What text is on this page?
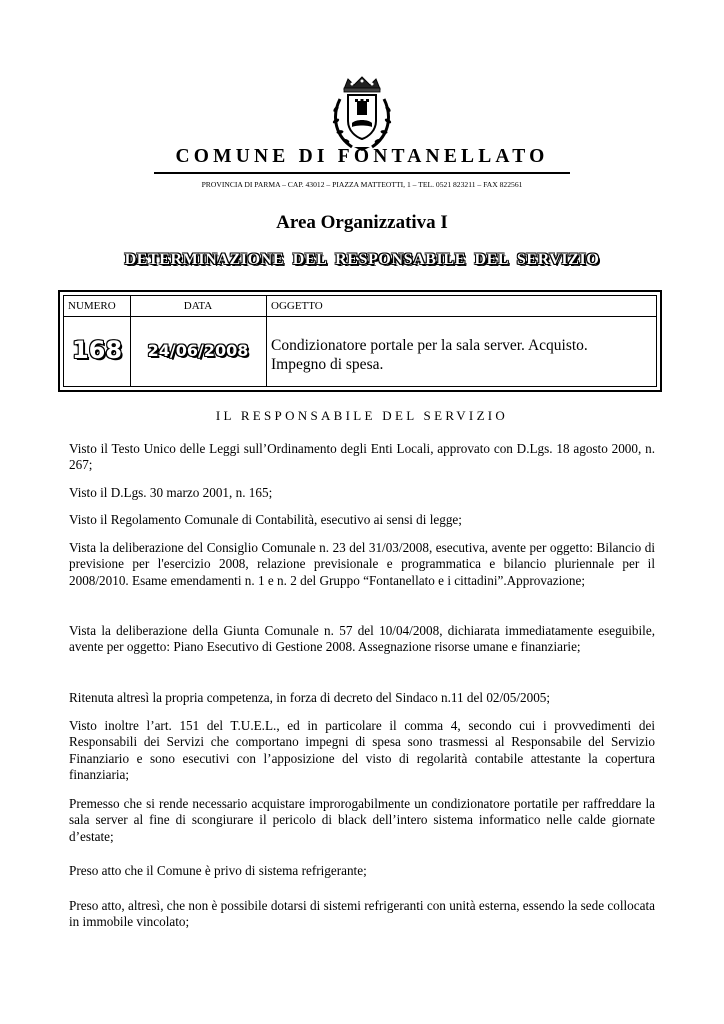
COMUNE DI FONTANELLATO
PROVINCIA DI PARMA – CAP. 43012 – PIAZZA MATTEOTTI, 1 – TEL. 0521 823211 – FAX 822561
Area Organizzativa I
DETERMINAZIONE DEL RESPONSABILE DEL SERVIZIO
NUMERO	DATA	OGGETTO
168	24/06/2008	Condizionatore portale per la sala server. Acquisto. Impegno di spesa.
IL RESPONSABILE DEL SERVIZIO
Visto il Testo Unico delle Leggi sull’Ordinamento degli Enti Locali, approvato con D.Lgs. 18 agosto 2000, n. 267;
Visto il D.Lgs. 30 marzo 2001, n. 165;
Visto il Regolamento Comunale di Contabilità, esecutivo ai sensi di legge;
Vista la deliberazione del Consiglio Comunale n. 23 del 31/03/2008, esecutiva, avente per oggetto: Bilancio di previsione per l'esercizio 2008, relazione previsionale e programmatica e bilancio pluriennale per il 2008/2010. Esame emendamenti n. 1 e n. 2 del Gruppo “Fontanellato e i cittadini”.Approvazione;
Vista la deliberazione della Giunta Comunale n. 57 del 10/04/2008, dichiarata immediatamente eseguibile, avente per oggetto: Piano Esecutivo di Gestione 2008. Assegnazione risorse umane e finanziarie;
Ritenuta altresì la propria competenza, in forza di decreto del Sindaco n.11 del 02/05/2005;
Visto inoltre l’art. 151 del T.U.E.L., ed in particolare il comma 4, secondo cui i provvedimenti dei Responsabili dei Servizi che comportano impegni di spesa sono trasmessi al Responsabile del Servizio Finanziario e sono esecutivi con l’apposizione del visto di regolarità contabile attestante la copertura finanziaria;
Premesso che si rende necessario acquistare improrogabilmente un condizionatore portatile per raffreddare la sala server al fine di scongiurare il pericolo di black dell’intero sistema informatico nelle calde giornate d’estate;
Preso atto che il Comune è privo di sistema refrigerante;
Preso atto, altresì, che non è possibile dotarsi di sistemi refrigeranti con unità esterna, essendo la sede collocata in immobile vincolato;
